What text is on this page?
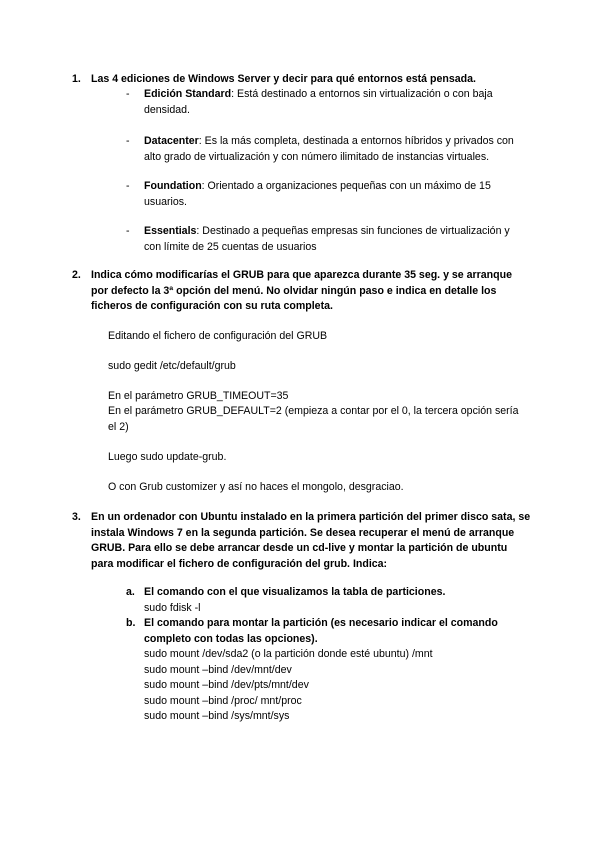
1. Las 4 ediciones de Windows Server y decir para qué entornos está pensada.
- Edición Standard: Está destinado a entornos sin virtualización o con baja densidad.
- Datacenter: Es la más completa, destinada a entornos híbridos y privados con alto grado de virtualización y con número ilimitado de instancias virtuales.
- Foundation: Orientado a organizaciones pequeñas con un máximo de 15 usuarios.
- Essentials: Destinado a pequeñas empresas sin funciones de virtualización y con límite de 25 cuentas de usuarios
2. Indica cómo modificarías el GRUB para que aparezca durante 35 seg. y se arranque por defecto la 3ª opción del menú. No olvidar ningún paso e indica en detalle los ficheros de configuración con su ruta completa.
Editando el fichero de configuración del GRUB
sudo gedit /etc/default/grub
En el parámetro GRUB_TIMEOUT=35
En el parámetro GRUB_DEFAULT=2 (empieza a contar por el 0, la tercera opción sería el 2)
Luego sudo update-grub.
O con Grub customizer y así no haces el mongolo, desgraciao.
3. En un ordenador con Ubuntu instalado en la primera partición del primer disco sata, se instala Windows 7 en la segunda partición. Se desea recuperar el menú de arranque GRUB. Para ello se debe arrancar desde un cd-live y montar la partición de ubuntu para modificar el fichero de configuración del grub. Indica:
a. El comando con el que visualizamos la tabla de particiones.
sudo fdisk -l
b. El comando para montar la partición (es necesario indicar el comando completo con todas las opciones).
sudo mount /dev/sda2 (o la partición donde esté ubuntu) /mnt
sudo mount –bind /dev/mnt/dev
sudo mount –bind /dev/pts/mnt/dev
sudo mount –bind /proc/ mnt/proc
sudo mount –bind /sys/mnt/sys
